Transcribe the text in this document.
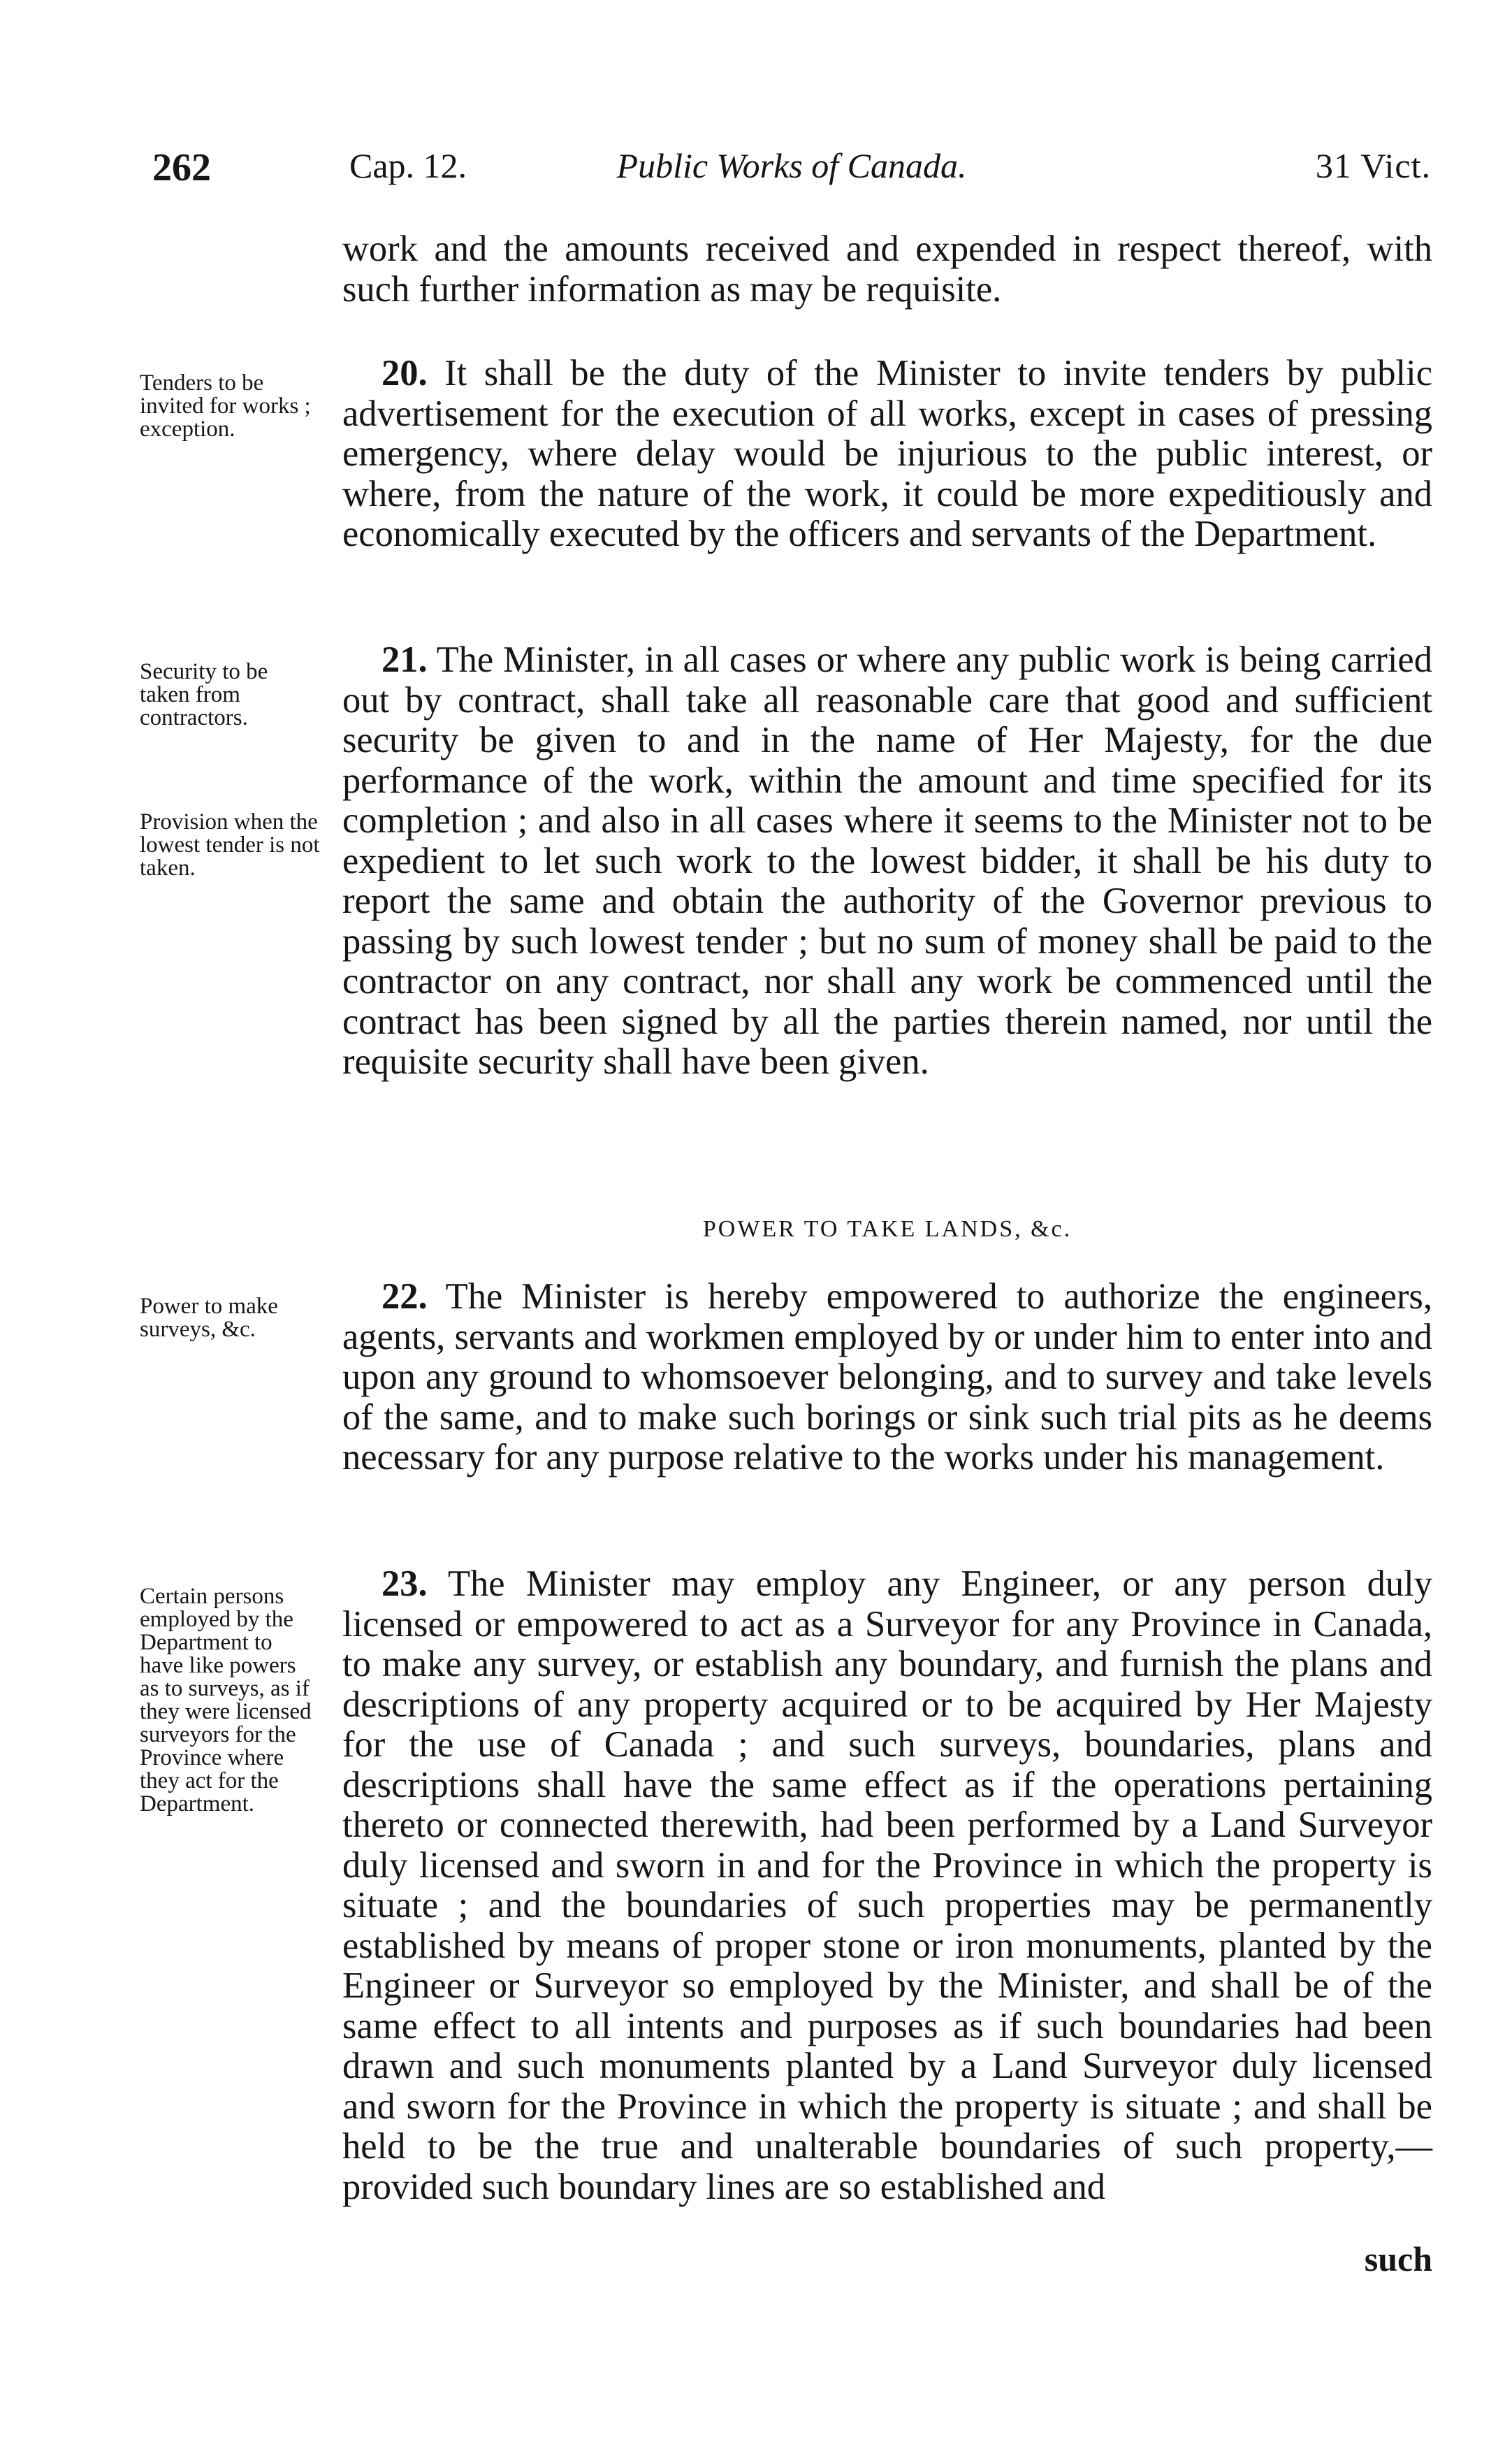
262	Cap. 12.	Public Works of Canada.	31 Vict.

work and the amounts received and expended in respect thereof, with such further information as may be requisite.

Tenders to be invited for works ; exception.

20. It shall be the duty of the Minister to invite tenders by public advertisement for the execution of all works, except in cases of pressing emergency, where delay would be injurious to the public interest, or where, from the nature of the work, it could be more expeditiously and economically executed by the officers and servants of the Department.

Security to be taken from contractors.
Provision when the lowest tender is not taken.

21. The Minister, in all cases or where any public work is being carried out by contract, shall take all reasonable care that good and sufficient security be given to and in the name of Her Majesty, for the due performance of the work, within the amount and time specified for its completion ; and also in all cases where it seems to the Minister not to be expedient to let such work to the lowest bidder, it shall be his duty to report the same and obtain the authority of the Governor previous to passing by such lowest tender ; but no sum of money shall be paid to the contractor on any contract, nor shall any work be commenced until the contract has been signed by all the parties therein named, nor until the requisite security shall have been given.

POWER TO TAKE LANDS, &c.
Power to make surveys, &c.

22. The Minister is hereby empowered to authorize the engineers, agents, servants and workmen employed by or under him to enter into and upon any ground to whomsoever belonging, and to survey and take levels of the same, and to make such borings or sink such trial pits as he deems necessary for any purpose relative to the works under his management.

Certain persons employed by the Department to have like powers as to surveys, as if they were licensed surveyors for the Province where they act for the Department.

23. The Minister may employ any Engineer, or any person duly licensed or empowered to act as a Surveyor for any Province in Canada, to make any survey, or establish any boundary, and furnish the plans and descriptions of any property acquired or to be acquired by Her Majesty for the use of Canada ; and such surveys, boundaries, plans and descriptions shall have the same effect as if the operations pertaining thereto or connected therewith, had been performed by a Land Surveyor duly licensed and sworn in and for the Province in which the property is situate ; and the boundaries of such properties may be permanently established by means of proper stone or iron monuments, planted by the Engineer or Surveyor so employed by the Minister, and shall be of the same effect to all intents and purposes as if such boundaries had been drawn and such monuments planted by a Land Surveyor duly licensed and sworn for the Province in which the property is situate ; and shall be held to be the true and unalterable boundaries of such property,—provided such boundary lines are so established and

such
